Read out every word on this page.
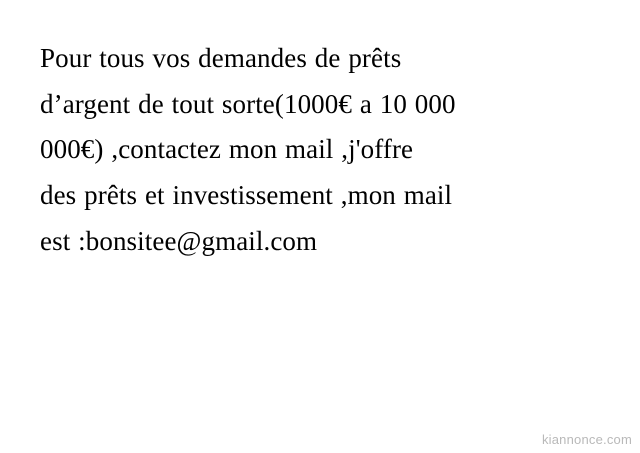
Pour tous vos demandes de prêts
d’argent de tout sorte(1000€ a 10 000
000€) ,contactez mon mail ,j'offre
des prêts et investissement ,mon mail
est :bonsitee@gmail.com
kiannonce.com
